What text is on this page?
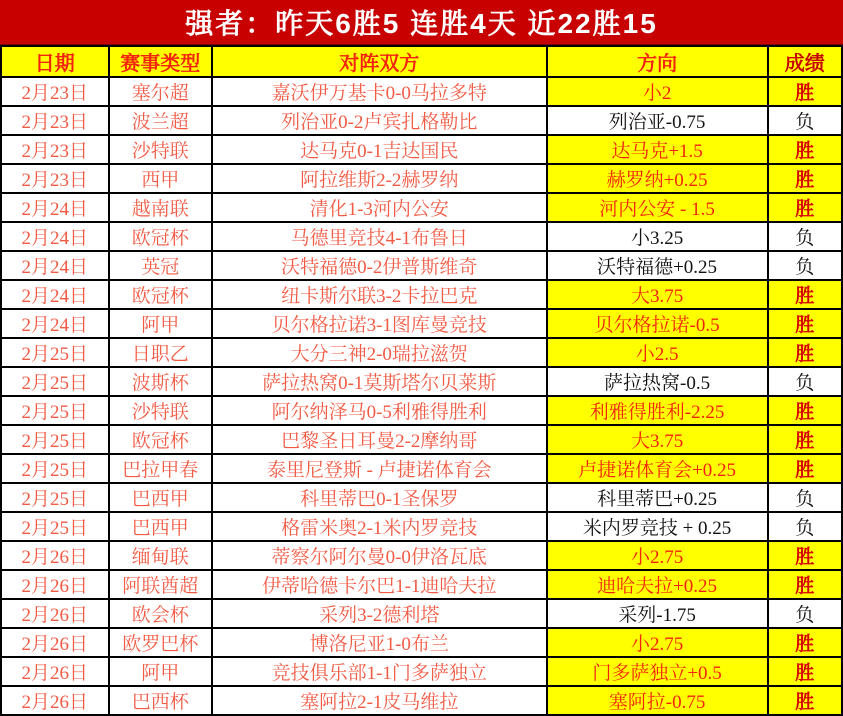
强者：昨天6胜5 连胜4天 近22胜15
日期	赛事类型	对阵双方	方向	成绩
2月23日	塞尔超	嘉沃伊万基卡0-0马拉多特	小2	胜
2月23日	波兰超	列治亚0-2卢宾扎格勒比	列治亚-0.75	负
2月23日	沙特联	达马克0-1吉达国民	达马克+1.5	胜
2月23日	西甲	阿拉维斯2-2赫罗纳	赫罗纳+0.25	胜
2月24日	越南联	清化1-3河内公安	河内公安 - 1.5	胜
2月24日	欧冠杯	马德里竞技4-1布鲁日	小3.25	负
2月24日	英冠	沃特福德0-2伊普斯维奇	沃特福德+0.25	负
2月24日	欧冠杯	纽卡斯尔联3-2卡拉巴克	大3.75	胜
2月24日	阿甲	贝尔格拉诺3-1图库曼竞技	贝尔格拉诺-0.5	胜
2月25日	日职乙	大分三神2-0瑞拉滋贺	小2.5	胜
2月25日	波斯杯	萨拉热窝0-1莫斯塔尔贝莱斯	萨拉热窝-0.5	负
2月25日	沙特联	阿尔纳泽马0-5利雅得胜利	利雅得胜利-2.25	胜
2月25日	欧冠杯	巴黎圣日耳曼2-2摩纳哥	大3.75	胜
2月25日	巴拉甲春	泰里尼登斯 - 卢捷诺体育会	卢捷诺体育会+0.25	胜
2月25日	巴西甲	科里蒂巴0-1圣保罗	科里蒂巴+0.25	负
2月25日	巴西甲	格雷米奥2-1米内罗竞技	米内罗竞技 + 0.25	负
2月26日	缅甸联	蒂察尔阿尔曼0-0伊洛瓦底	小2.75	胜
2月26日	阿联酋超	伊蒂哈德卡尔巴1-1迪哈夫拉	迪哈夫拉+0.25	胜
2月26日	欧会杯	采列3-2德利塔	采列-1.75	负
2月26日	欧罗巴杯	博洛尼亚1-0布兰	小2.75	胜
2月26日	阿甲	竞技俱乐部1-1门多萨独立	门多萨独立+0.5	胜
2月26日	巴西杯	塞阿拉2-1皮马维拉	塞阿拉-0.75	胜
